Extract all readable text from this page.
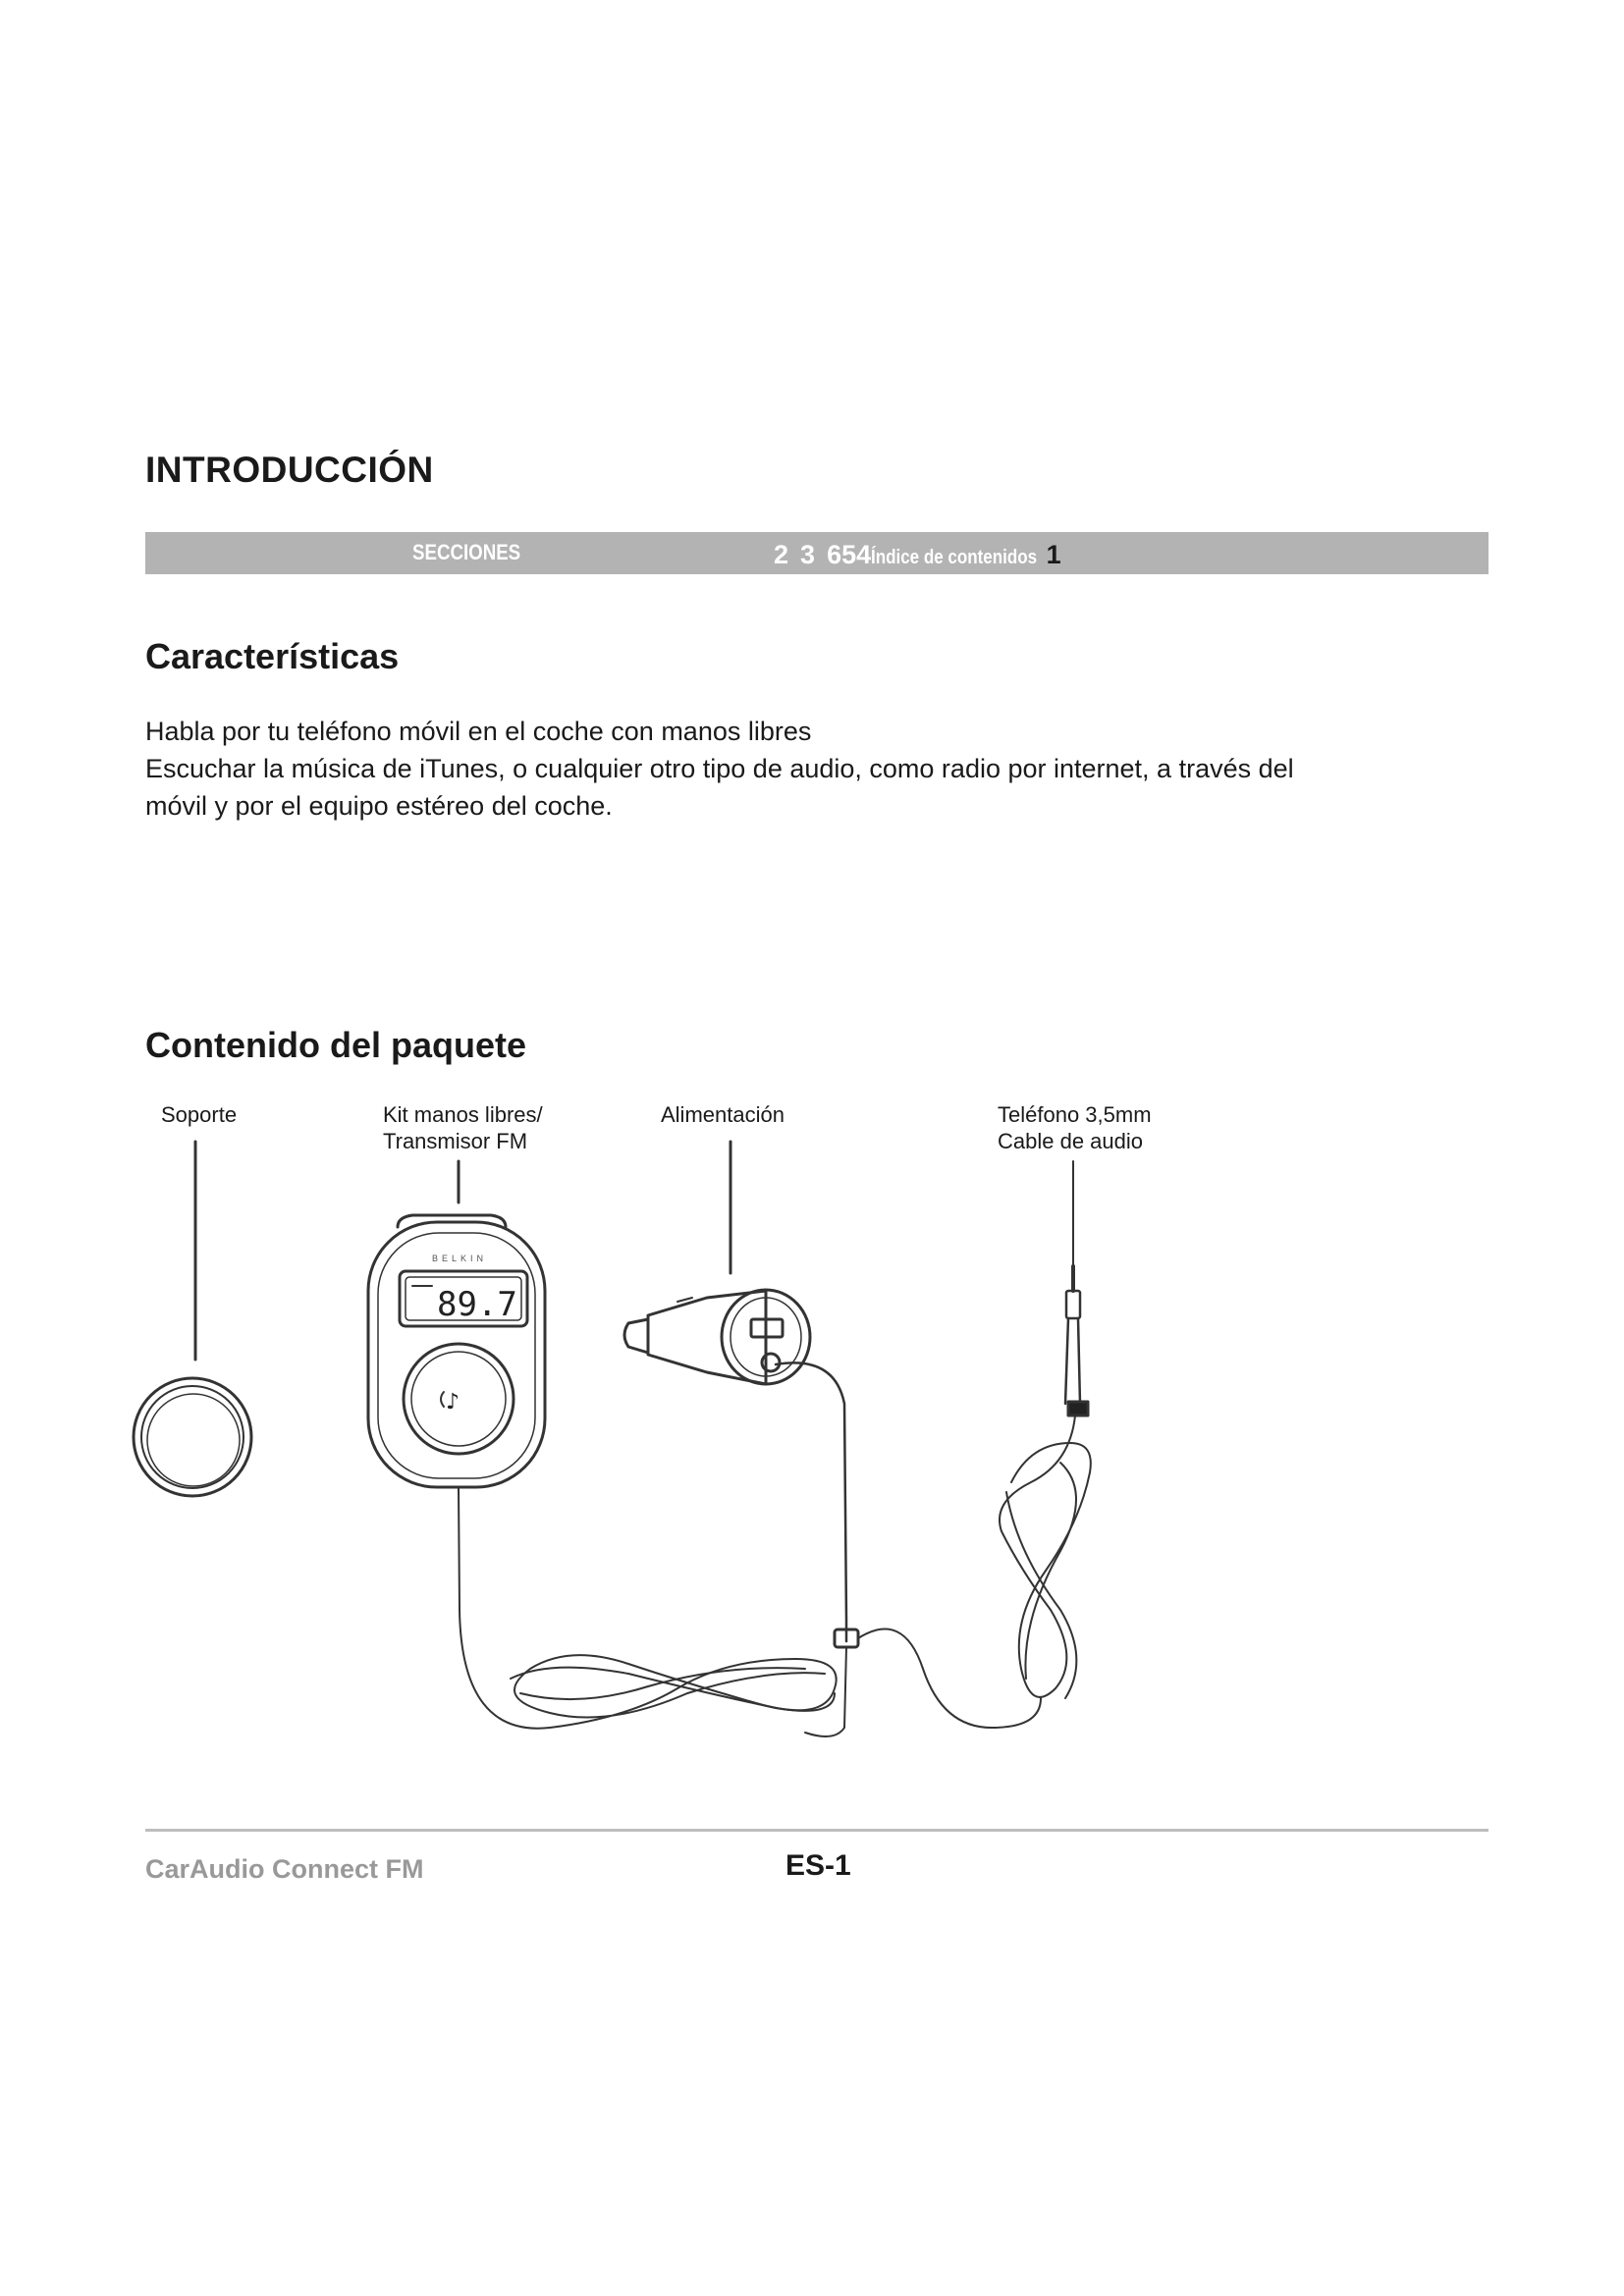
INTRODUCCIÓN
SECCIONES	2 3 654Índice de contenidos 1
Características

Habla por tu teléfono móvil en el coche con manos libres

Escuchar la música de iTunes, o cualquier otro tipo de audio, como radio por internet, a través del móvil y por el equipo estéreo del coche.

Contenido del paquete

Soporte	Kit manos libres/
Transmisor FM

Alimentación	Teléfono 3,5mm
Cable de audio

BELKIN
89.7
♪
CarAudio Connect FM	ES-1
